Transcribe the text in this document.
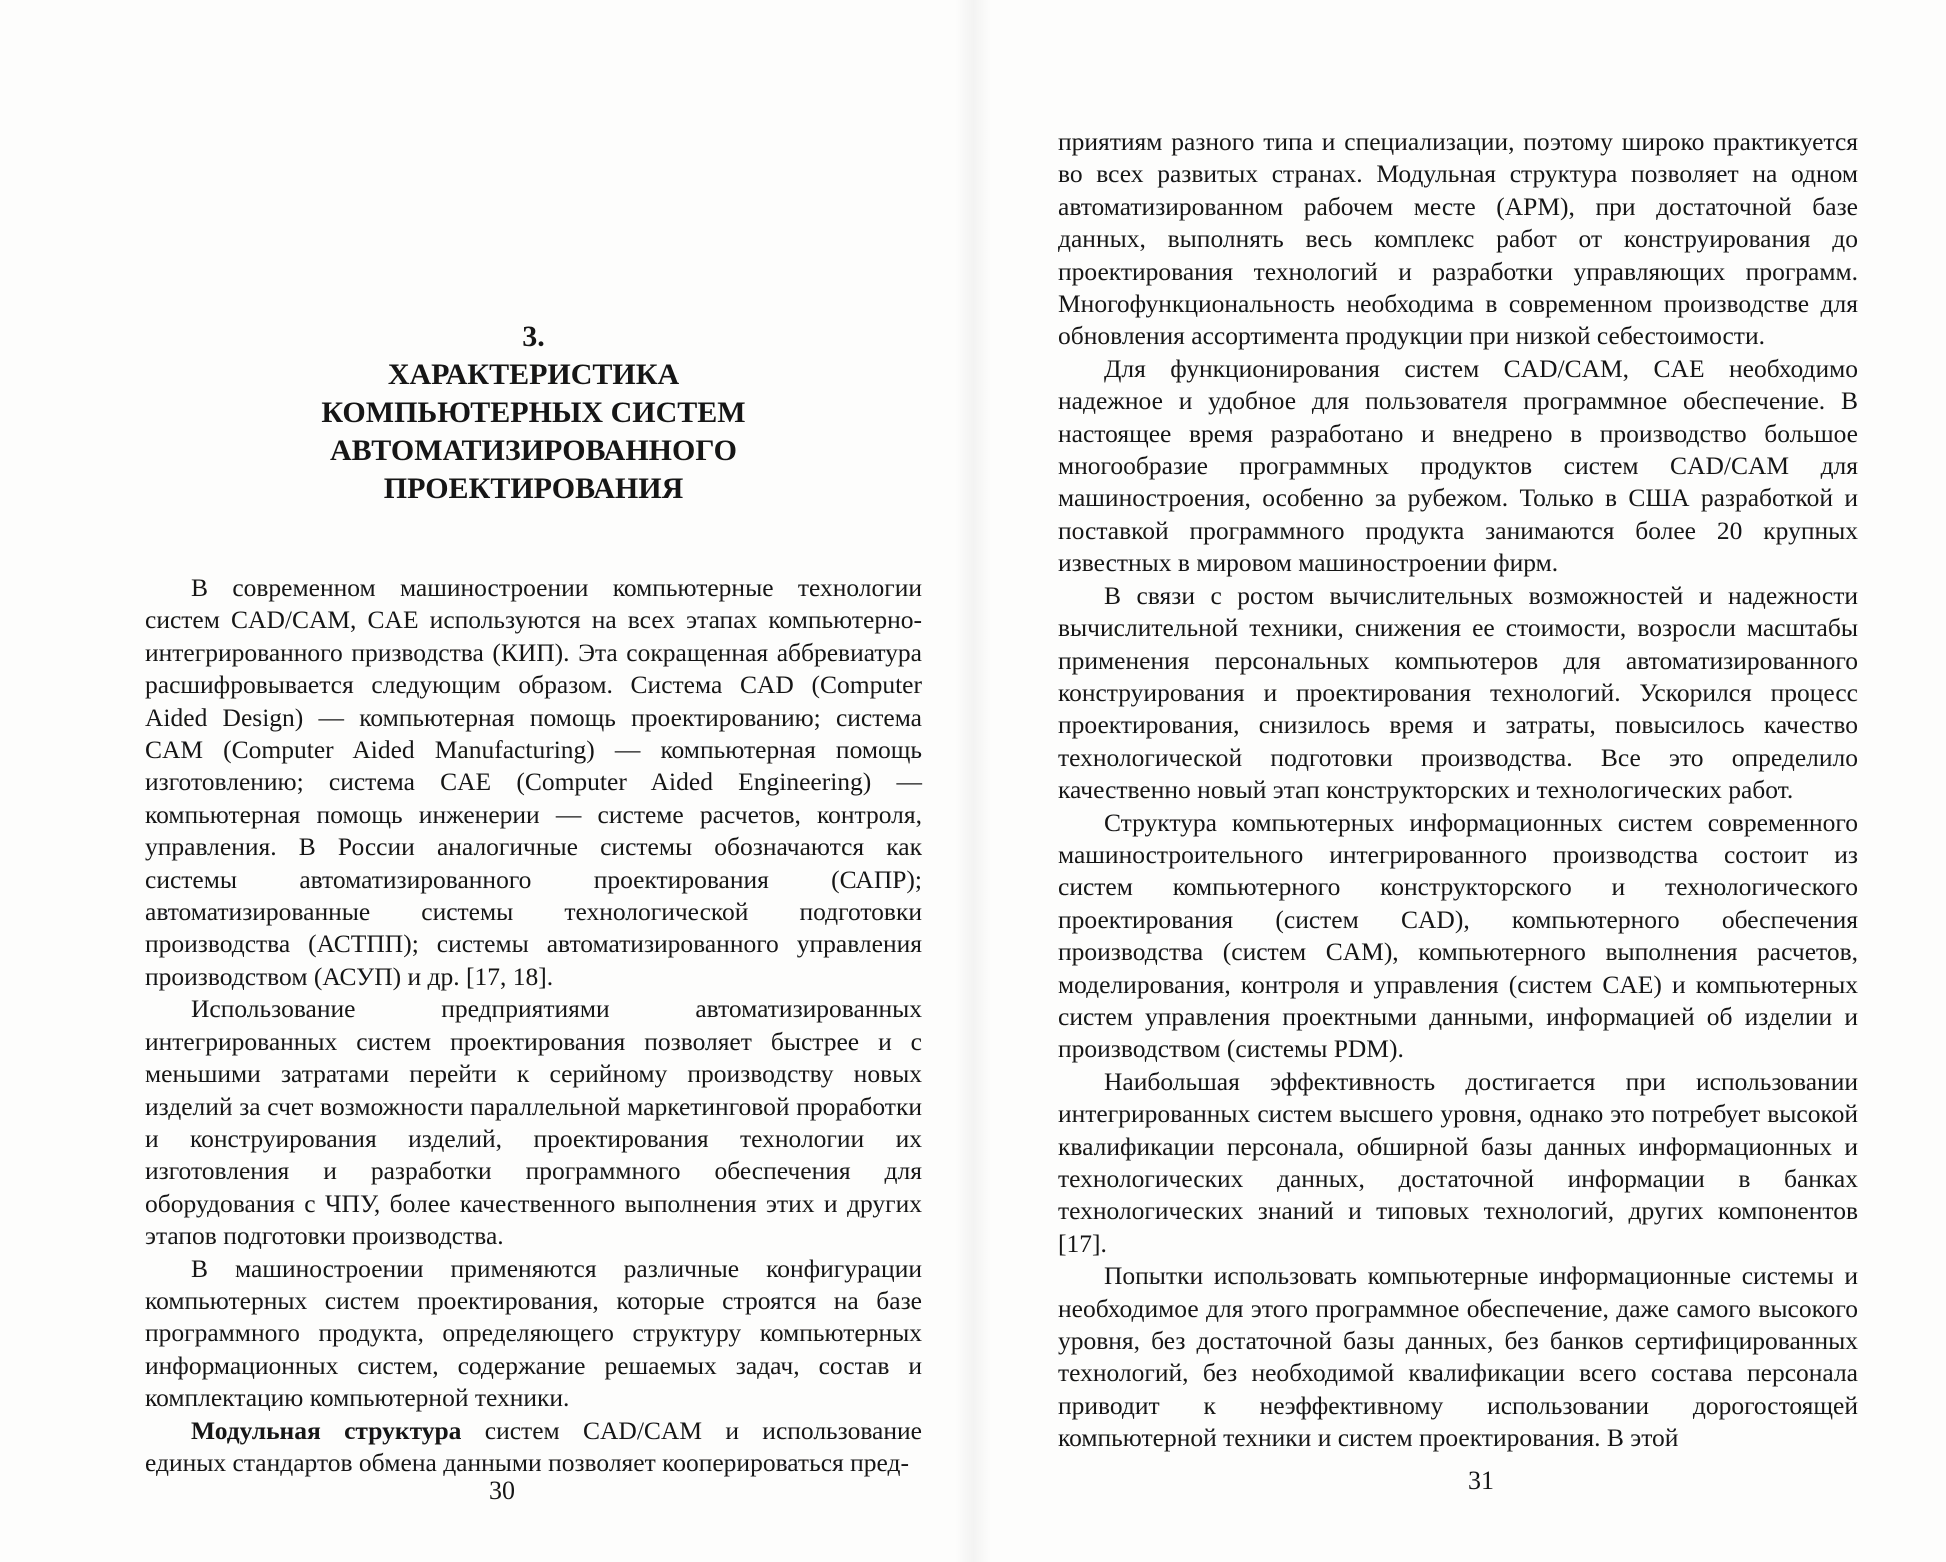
3.
ХАРАКТЕРИСТИКА
КОМПЬЮТЕРНЫХ СИСТЕМ
АВТОМАТИЗИРОВАННОГО
ПРОЕКТИРОВАНИЯ

В современном машиностроении компьютерные технологии систем CAD/CAM, CAE используются на всех этапах компьютерно-интегрированного призводства (КИП). Эта сокращенная аббревиатура расшифровывается следующим образом. Система CAD (Computer Aided Design) — компьютерная помощь проектированию; система CAM (Computer Aided Manufacturing) — компьютерная помощь изготовлению; система CAE (Computer Aided Engineering) — компьютерная помощь инженерии — системе расчетов, контроля, управления. В России аналогичные системы обозначаются как системы автоматизированного проектирования (САПР); автоматизированные системы технологической подготовки производства (АСТПП); системы автоматизированного управления производством (АСУП) и др. [17, 18].

Использование предприятиями автоматизированных интегрированных систем проектирования позволяет быстрее и с меньшими затратами перейти к серийному производству новых изделий за счет возможности параллельной маркетинговой проработки и конструирования изделий, проектирования технологии их изготовления и разработки программного обеспечения для оборудования с ЧПУ, более качественного выполнения этих и других этапов подготовки производства.

В машиностроении применяются различные конфигурации компьютерных систем проектирования, которые строятся на базе программного продукта, определяющего структуру компьютерных информационных систем, содержание решаемых задач, состав и комплектацию компьютерной техники.

Модульная структура систем CAD/CAM и использование единых стандартов обмена данными позволяет кооперироваться пред-

30

приятиям разного типа и специализации, поэтому широко практикуется во всех развитых странах. Модульная структура позволяет на одном автоматизированном рабочем месте (АРМ), при достаточной базе данных, выполнять весь комплекс работ от конструирования до проектирования технологий и разработки управляющих программ. Многофункциональность необходима в современном производстве для обновления ассортимента продукции при низкой себестоимости.

Для функционирования систем CAD/CAM, CAE необходимо надежное и удобное для пользователя программное обеспечение. В настоящее время разработано и внедрено в производство большое многообразие программных продуктов систем CAD/CAM для машиностроения, особенно за рубежом. Только в США разработкой и поставкой программного продукта занимаются более 20 крупных известных в мировом машиностроении фирм.

В связи с ростом вычислительных возможностей и надежности вычислительной техники, снижения ее стоимости, возросли масштабы применения персональных компьютеров для автоматизированного конструирования и проектирования технологий. Ускорился процесс проектирования, снизилось время и затраты, повысилось качество технологической подготовки производства. Все это определило качественно новый этап конструкторских и технологических работ.

Структура компьютерных информационных систем современного машиностроительного интегрированного производства состоит из систем компьютерного конструкторского и технологического проектирования (систем CAD), компьютерного обеспечения производства (систем CAM), компьютерного выполнения расчетов, моделирования, контроля и управления (систем CAE) и компьютерных систем управления проектными данными, информацией об изделии и производством (системы PDM).

Наибольшая эффективность достигается при использовании интегрированных систем высшего уровня, однако это потребует высокой квалификации персонала, обширной базы данных информационных и технологических данных, достаточной информации в банках технологических знаний и типовых технологий, других компонентов [17].

Попытки использовать компьютерные информационные системы и необходимое для этого программное обеспечение, даже самого высокого уровня, без достаточной базы данных, без банков сертифицированных технологий, без необходимой квалификации всего состава персонала приводит к неэффективному использовании дорогостоящей компьютерной техники и систем проектирования. В этой

31
